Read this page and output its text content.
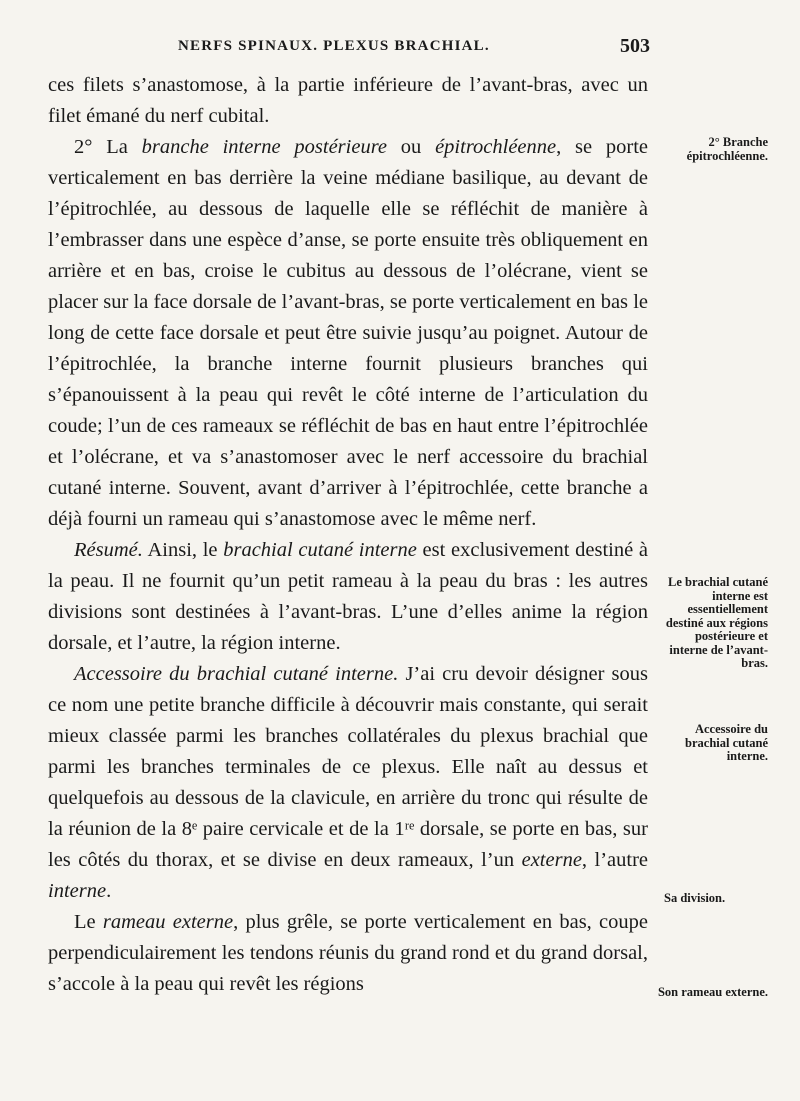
NERFS SPINAUX. PLEXUS BRACHIAL.	503

ces filets s’anastomose, à la partie inférieure de l’avant-bras, avec un filet émané du nerf cubital.

2° La branche interne postérieure ou épitrochléenne, se porte verticalement en bas derrière la veine médiane basilique, au devant de l’épitrochlée, au dessous de laquelle elle se réfléchit de manière à l’embrasser dans une espèce d’anse, se porte ensuite très obliquement en arrière et en bas, croise le cubitus au dessous de l’olécrane, vient se placer sur la face dorsale de l’avant-bras, se porte verticalement en bas le long de cette face dorsale et peut être suivie jusqu’au poignet. Autour de l’épitrochlée, la branche interne fournit plusieurs branches qui s’épanouissent à la peau qui revêt le côté interne de l’articulation du coude; l’un de ces rameaux se réfléchit de bas en haut entre l’épitrochlée et l’olécrane, et va s’anastomoser avec le nerf accessoire du brachial cutané interne. Souvent, avant d’arriver à l’épitrochlée, cette branche a déjà fourni un rameau qui s’anastomose avec le même nerf.

Résumé. Ainsi, le brachial cutané interne est exclusivement destiné à la peau. Il ne fournit qu’un petit rameau à la peau du bras : les autres divisions sont destinées à l’avant-bras. L’une d’elles anime la région dorsale, et l’autre, la région interne.

Accessoire du brachial cutané interne. J’ai cru devoir désigner sous ce nom une petite branche difficile à découvrir mais constante, qui serait mieux classée parmi les branches collatérales du plexus brachial que parmi les branches terminales de ce plexus. Elle naît au dessus et quelquefois au dessous de la clavicule, en arrière du tronc qui résulte de la réunion de la 8ᵉ paire cervicale et de la 1ʳᵉ dorsale, se porte en bas, sur les côtés du thorax, et se divise en deux rameaux, l’un externe, l’autre interne.

Le rameau externe, plus grêle, se porte verticalement en bas, coupe perpendiculairement les tendons réunis du grand rond et du grand dorsal, s’accole à la peau qui revêt les régions

2° Branche épitrochléenne.
Le brachial cutané interne est essentiellement destiné aux régions postérieure et interne de l’avant-bras.
Accessoire du brachial cutané interne.
Sa division.
Son rameau externe.
